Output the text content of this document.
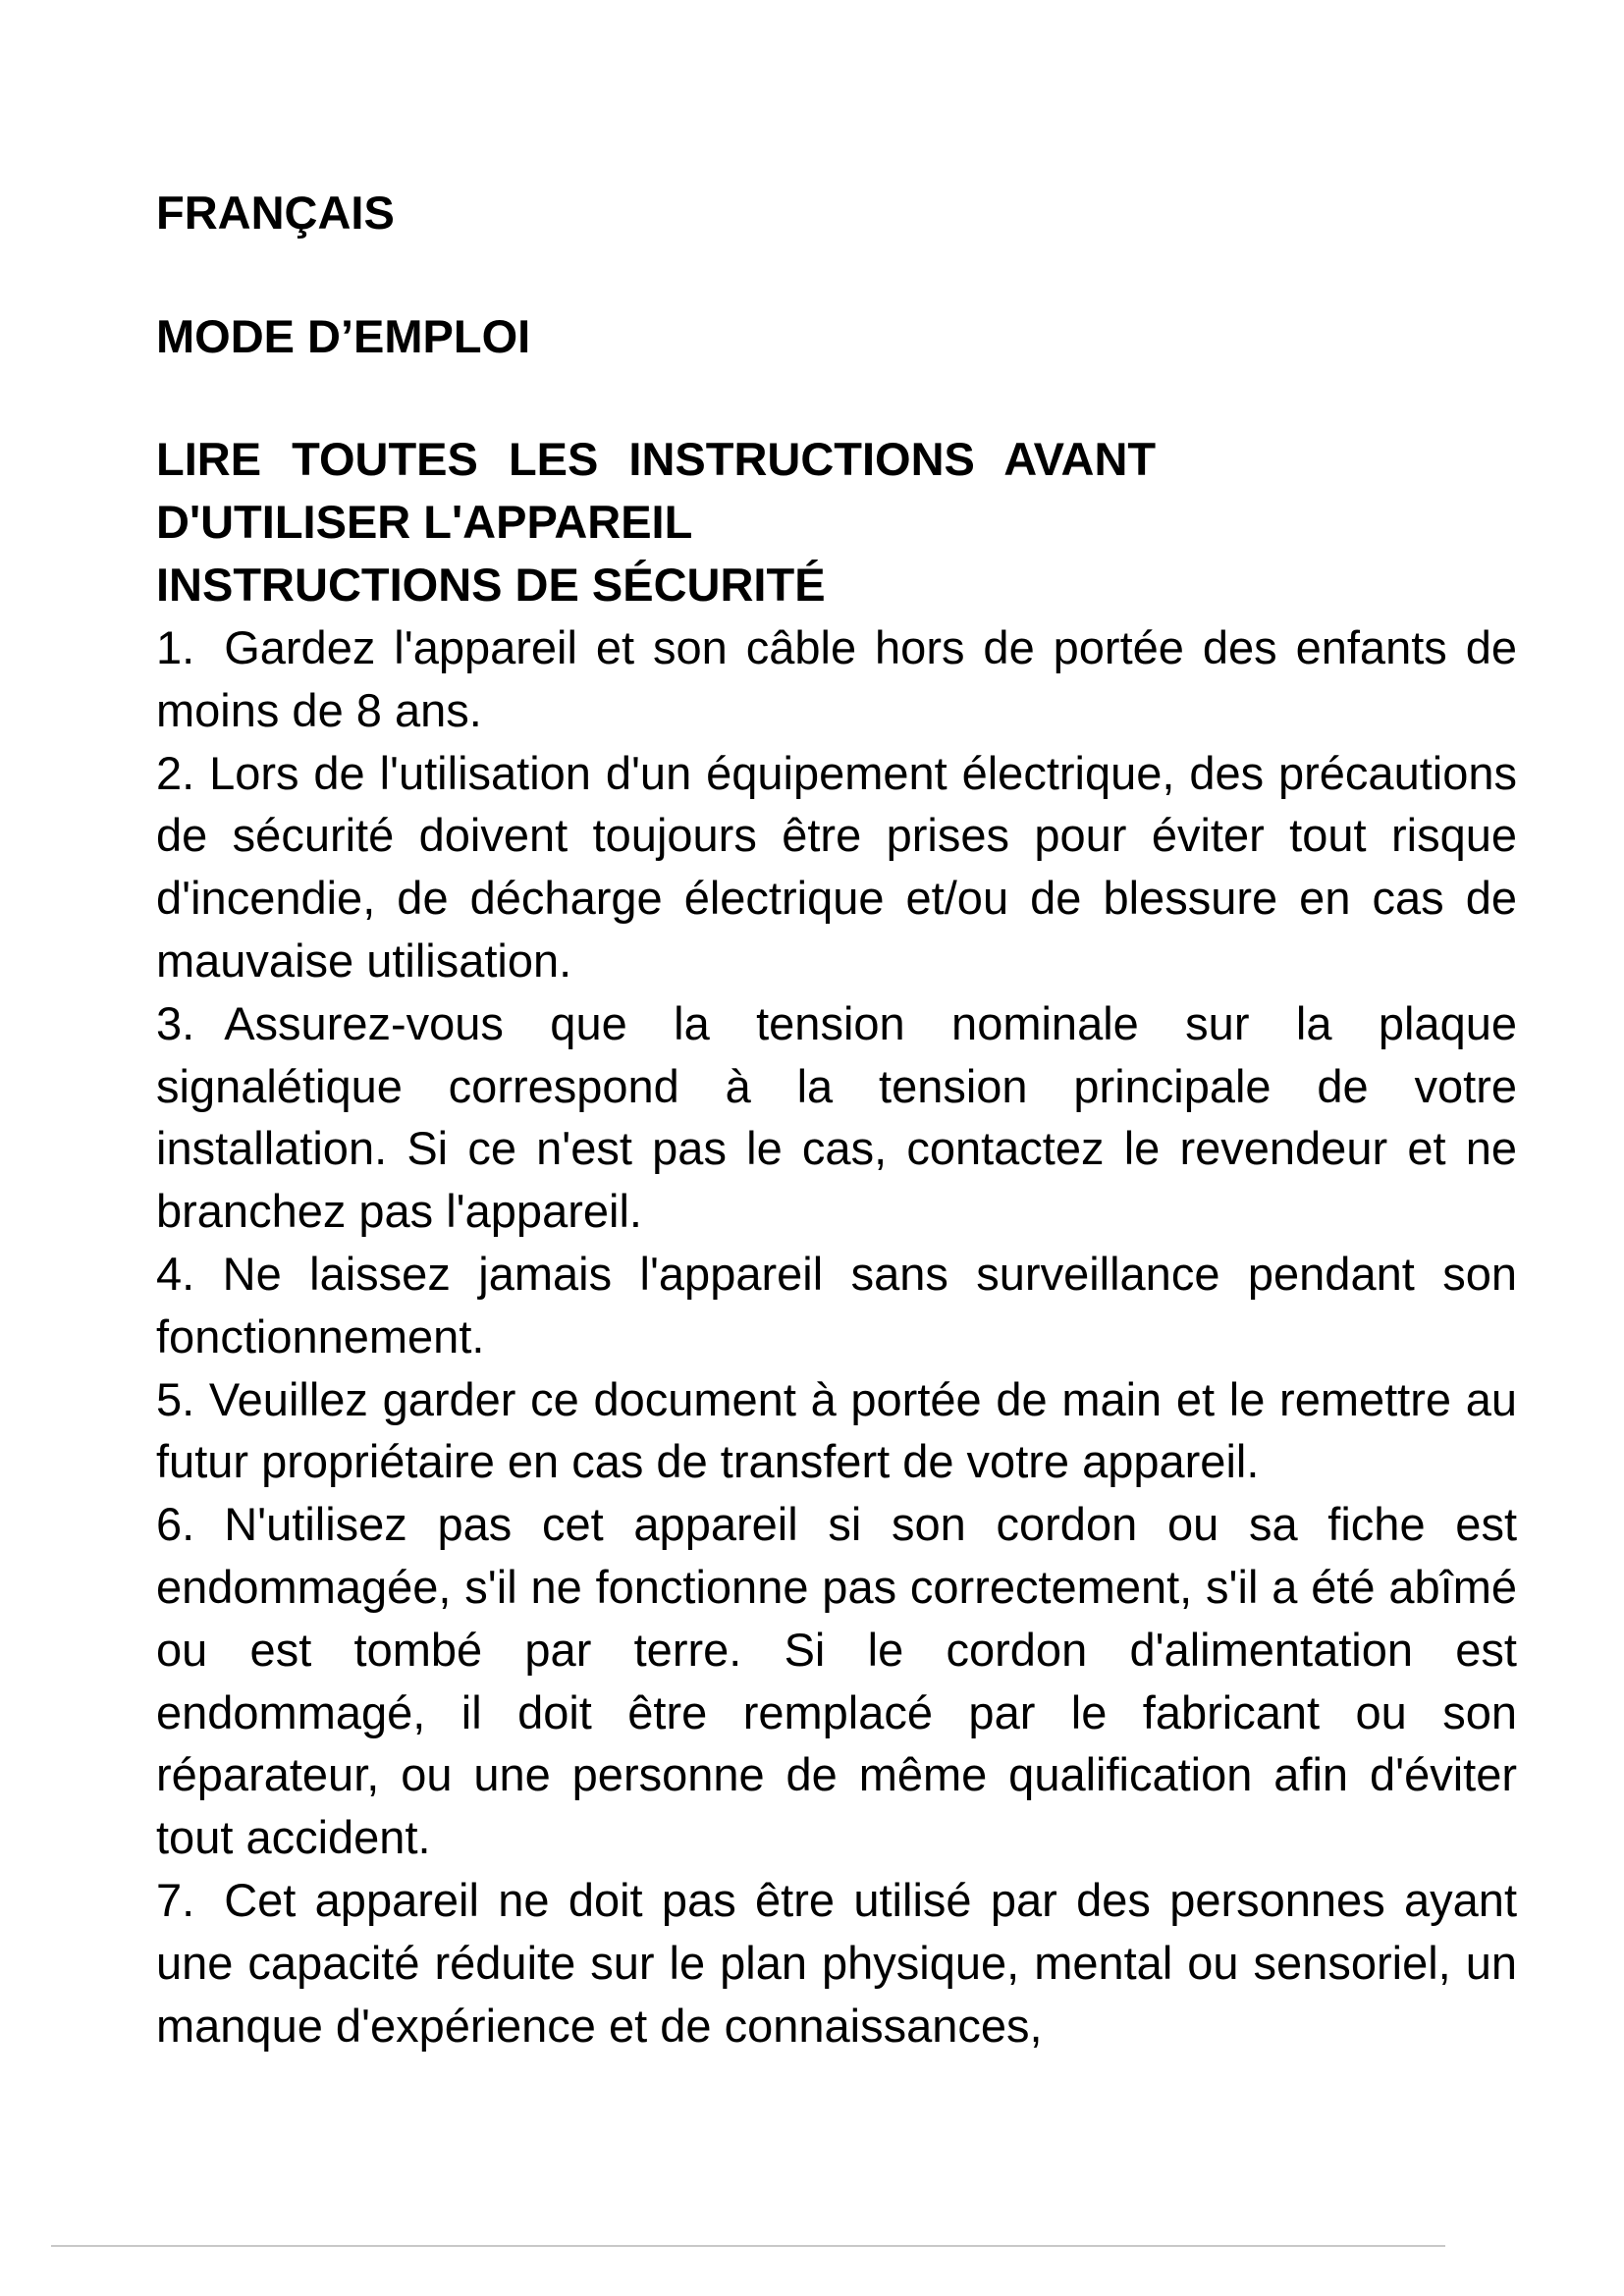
FRANÇAIS

MODE D’EMPLOI

LIRE TOUTES LES INSTRUCTIONS AVANT

D'UTILISER L'APPAREIL

INSTRUCTIONS DE SÉCURITÉ

1. Gardez l'appareil et son câble hors de portée des enfants de moins de 8 ans.
2. Lors de l'utilisation d'un équipement électrique, des précautions de sécurité doivent toujours être prises pour éviter tout risque d'incendie, de décharge électrique et/ou de blessure en cas de mauvaise utilisation.
3. Assurez-vous que la tension nominale sur la plaque signalétique correspond à la tension principale de votre installation. Si ce n'est pas le cas, contactez le revendeur et ne branchez pas l'appareil.
4. Ne laissez jamais l'appareil sans surveillance pendant son fonctionnement.
5. Veuillez garder ce document à portée de main et le remettre au futur propriétaire en cas de transfert de votre appareil.
6. N'utilisez pas cet appareil si son cordon ou sa fiche est endommagée, s'il ne fonctionne pas correctement, s'il a été abîmé ou est tombé par terre. Si le cordon d'alimentation est endommagé, il doit être remplacé par le fabricant ou son réparateur, ou une personne de même qualification afin d'éviter tout accident.
7. Cet appareil ne doit pas être utilisé par des personnes ayant une capacité réduite sur le plan physique, mental ou sensoriel, un manque d'expérience et de connaissances,
